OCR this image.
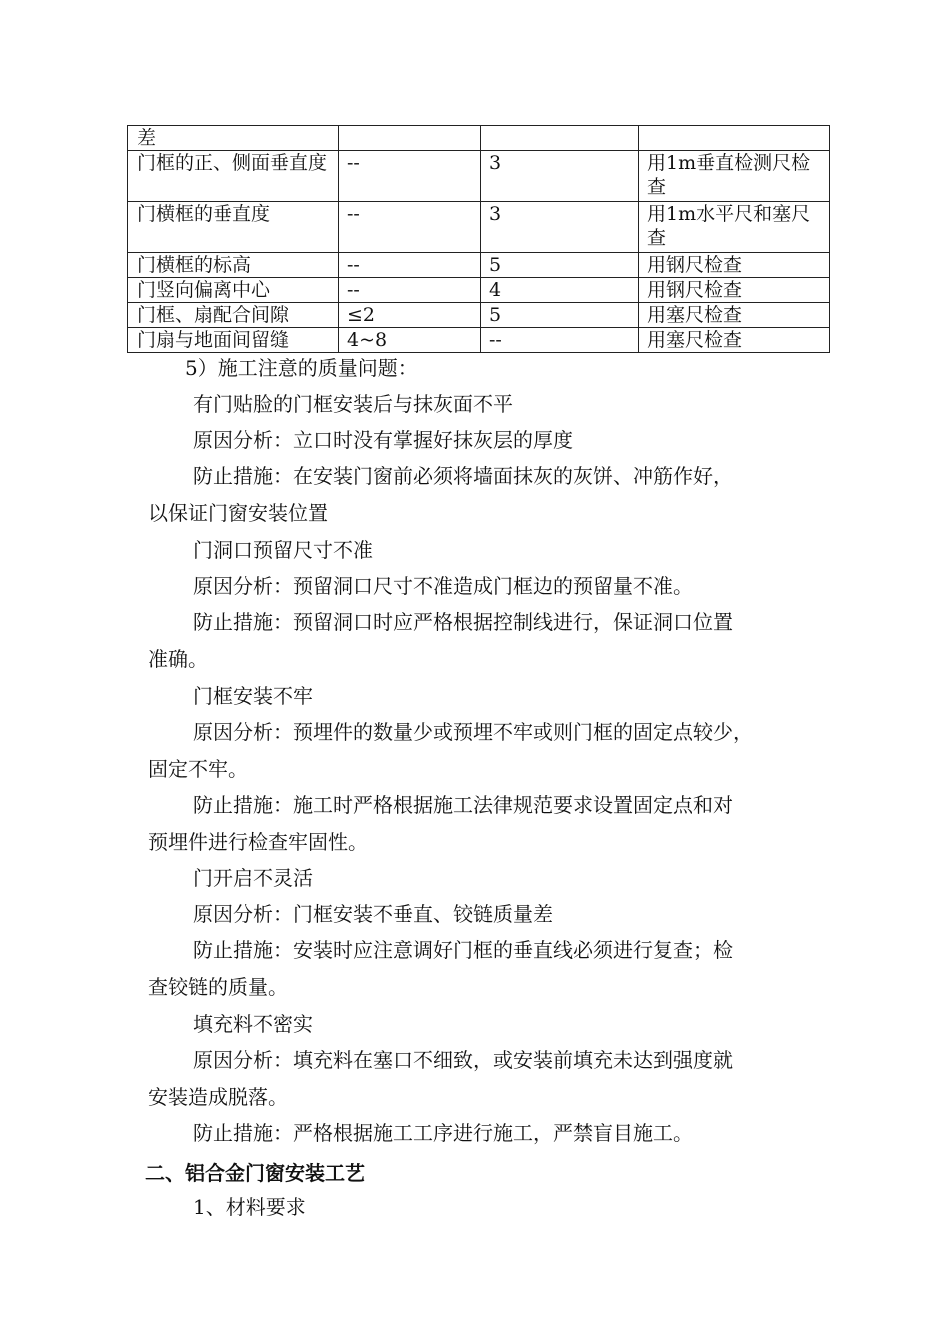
差			
门框的正、侧面垂直度	--	3	用1m垂直检测尺检查
门横框的垂直度	--	3	用1m水平尺和塞尺查
门横框的标高	--	5	用钢尺检查
门竖向偏离中心	--	4	用钢尺检查
门框、扇配合间隙	≤2	5	用塞尺检查
门扇与地面间留缝	4~8	--	用塞尺检查
5）施工注意的质量问题：
有门贴脸的门框安装后与抹灰面不平
原因分析：立口时没有掌握好抹灰层的厚度
防止措施：在安装门窗前必须将墙面抹灰的灰饼、冲筋作好，
以保证门窗安装位置
门洞口预留尺寸不准
原因分析：预留洞口尺寸不准造成门框边的预留量不准。
防止措施：预留洞口时应严格根据控制线进行，保证洞口位置
准确。
门框安装不牢
原因分析：预埋件的数量少或预埋不牢或则门框的固定点较少，
固定不牢。
防止措施：施工时严格根据施工法律规范要求设置固定点和对
预埋件进行检查牢固性。
门开启不灵活
原因分析：门框安装不垂直、铰链质量差
防止措施：安装时应注意调好门框的垂直线必须进行复查；检
查铰链的质量。
填充料不密实
原因分析：填充料在塞口不细致，或安装前填充未达到强度就
安装造成脱落。
防止措施：严格根据施工工序进行施工，严禁盲目施工。
二、铝合金门窗安装工艺
1、材料要求
